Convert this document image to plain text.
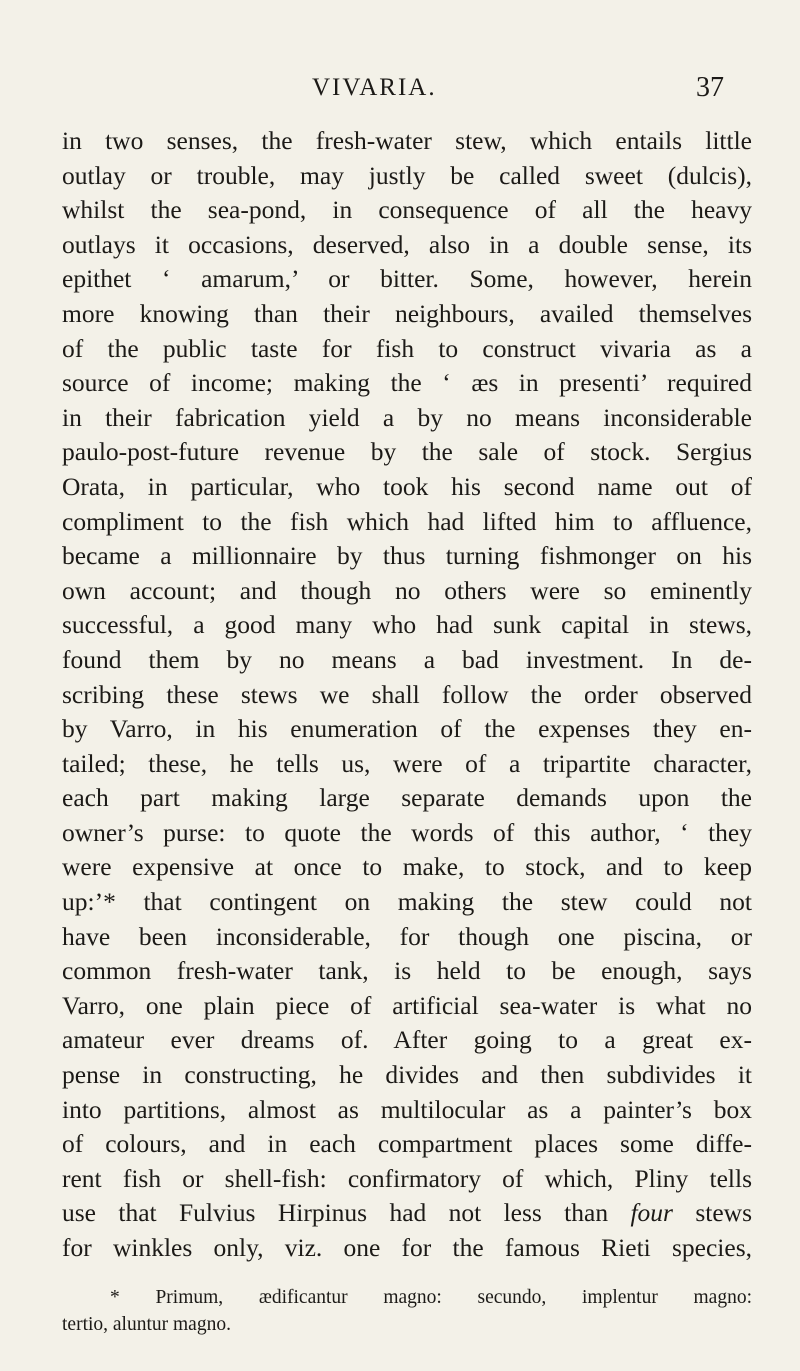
VIVARIA.	37
in two senses, the fresh-water stew, which entails little
outlay or trouble, may justly be called sweet (dulcis),
whilst the sea-pond, in consequence of all the heavy
outlays it occasions, deserved, also in a double sense, its
epithet ‘ amarum,’ or bitter. Some, however, herein
more knowing than their neighbours, availed themselves
of the public taste for fish to construct vivaria as a
source of income; making the ‘ æs in presenti’ required
in their fabrication yield a by no means inconsiderable
paulo-post-future revenue by the sale of stock. Sergius
Orata, in particular, who took his second name out of
compliment to the fish which had lifted him to affluence,
became a millionnaire by thus turning fishmonger on his
own account; and though no others were so eminently
successful, a good many who had sunk capital in stews,
found them by no means a bad investment. In de-
scribing these stews we shall follow the order observed
by Varro, in his enumeration of the expenses they en-
tailed; these, he tells us, were of a tripartite character,
each part making large separate demands upon the
owner’s purse: to quote the words of this author, ‘ they
were expensive at once to make, to stock, and to keep
up:’* that contingent on making the stew could not
have been inconsiderable, for though one piscina, or
common fresh-water tank, is held to be enough, says
Varro, one plain piece of artificial sea-water is what no
amateur ever dreams of. After going to a great ex-
pense in constructing, he divides and then subdivides it
into partitions, almost as multilocular as a painter’s box
of colours, and in each compartment places some diffe-
rent fish or shell-fish: confirmatory of which, Pliny tells
use that Fulvius Hirpinus had not less than four stews
for winkles only, viz. one for the famous Rieti species,
* Primum, ædificantur magno: secundo, implentur magno:
tertio, aluntur magno.
